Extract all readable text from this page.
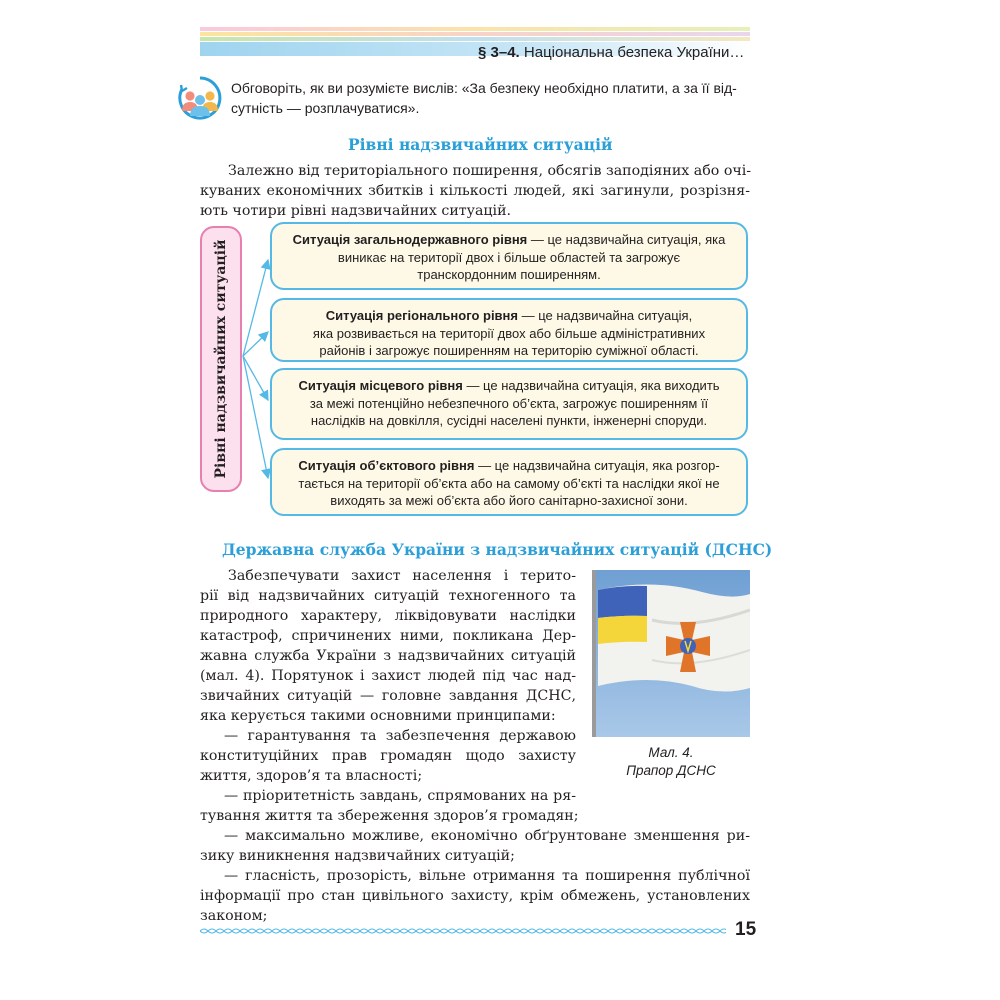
§ 3–4. Національна безпека України…
Обговоріть, як ви розумієте вислів: «За безпеку необхідно платити, а за її від-
сутність — розплачуватися».
Рівні надзвичайних ситуацій
Залежно від територіального поширення, обсягів заподіяних або очі-
куваних економічних збитків і кількості людей, які загинули, розрізня-
ють чотири рівні надзвичайних ситуацій.
Рівні надзвичайних ситуацій
Ситуація загальнодержавного рівня — це надзвичайна ситуація, яка
виникає на території двох і більше областей та загрожує
транскордонним поширенням.
Ситуація регіонального рівня — це надзвичайна ситуація,
яка розвивається на території двох або більше адміністративних
районів і загрожує поширенням на територію суміжної області.
Ситуація місцевого рівня — це надзвичайна ситуація, яка виходить
за межі потенційно небезпечного об’єкта, загрожує поширенням її
наслідків на довкілля, сусідні населені пункти, інженерні споруди.
Ситуація об’єктового рівня — це надзвичайна ситуація, яка розгор-
тається на території об’єкта або на самому об’єкті та наслідки якої не
виходять за межі об’єкта або його санітарно-захисної зони.
Державна служба України з надзвичайних ситуацій (ДСНС)
Забезпечувати захист населення і терито-
рії від надзвичайних ситуацій техногенного та
природного характеру, ліквідовувати наслідки
катастроф, спричинених ними, покликана Дер-
жавна служба України з надзвичайних ситуацій
(мал. 4). Порятунок і захист людей під час над-
звичайних ситуацій — головне завдання ДСНС,
яка керується такими основними принципами:
— гарантування та забезпечення державою
конституційних прав громадян щодо захисту
життя, здоров’я та власності;
— пріоритетність завдань, спрямованих на ря-
тування життя та збереження здоров’я громадян;
— максимально можливе, економічно обґрунтоване зменшення ри-
зику виникнення надзвичайних ситуацій;
— гласність, прозорість, вільне отримання та поширення публічної
інформації про стан цивільного захисту, крім обмежень, установлених
законом;
Мал. 4.
Прапор ДСНС
15
